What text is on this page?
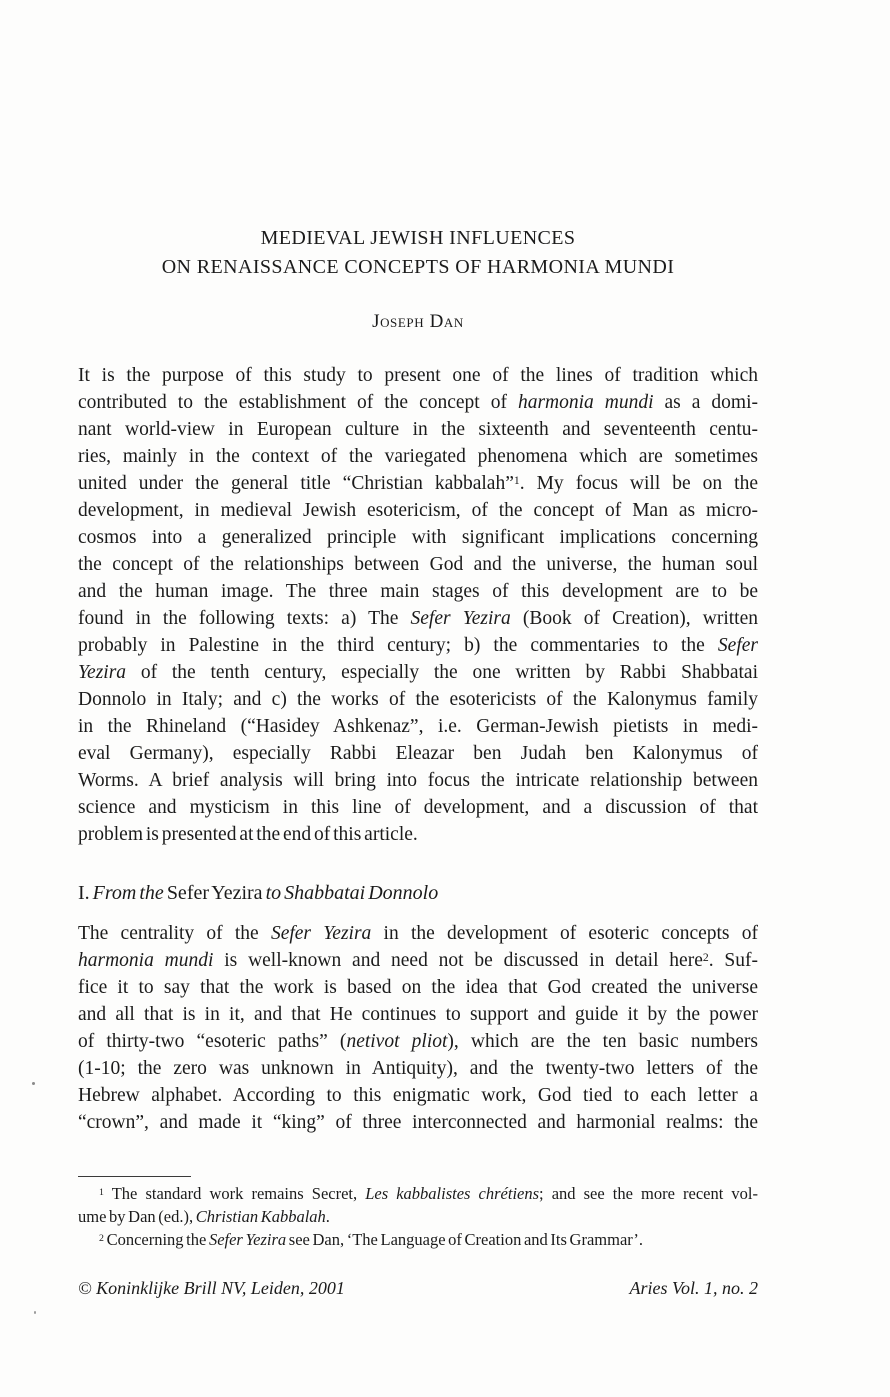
MEDIEVAL JEWISH INFLUENCES
ON RENAISSANCE CONCEPTS OF HARMONIA MUNDI
Joseph Dan
It is the purpose of this study to present one of the lines of tradition which
contributed to the establishment of the concept of harmonia mundi as a domi-
nant world-view in European culture in the sixteenth and seventeenth centu-
ries, mainly in the context of the variegated phenomena which are sometimes
united under the general title “Christian kabbalah”$^1$. My focus will be on the
development, in medieval Jewish esotericism, of the concept of Man as micro-
cosmos into a generalized principle with significant implications concerning
the concept of the relationships between God and the universe, the human soul
and the human image. The three main stages of this development are to be
found in the following texts: a) The Sefer Yezira (Book of Creation), written
probably in Palestine in the third century; b) the commentaries to the Sefer
Yezira of the tenth century, especially the one written by Rabbi Shabbatai
Donnolo in Italy; and c) the works of the esotericists of the Kalonymus family
in the Rhineland (“Hasidey Ashkenaz”, i.e. German-Jewish pietists in medi-
eval Germany), especially Rabbi Eleazar ben Judah ben Kalonymus of
Worms. A brief analysis will bring into focus the intricate relationship between
science and mysticism in this line of development, and a discussion of that
problem is presented at the end of this article.
I. From the Sefer Yezira to Shabbatai Donnolo
The centrality of the Sefer Yezira in the development of esoteric concepts of
harmonia mundi is well-known and need not be discussed in detail here$^2$. Suf-
fice it to say that the work is based on the idea that God created the universe
and all that is in it, and that He continues to support and guide it by the power
of thirty-two “esoteric paths” (netivot pliot), which are the ten basic numbers
(1-10; the zero was unknown in Antiquity), and the twenty-two letters of the
Hebrew alphabet. According to this enigmatic work, God tied to each letter a
“crown”, and made it “king” of three interconnected and harmonial realms: the
$^1$ The standard work remains Secret, Les kabbalistes chrétiens; and see the more recent vol-
ume by Dan (ed.), Christian Kabbalah.
$^2$ Concerning the Sefer Yezira see Dan, ‘The Language of Creation and Its Grammar’.
© Koninklijke Brill NV, Leiden, 2001	Aries Vol. 1, no. 2
